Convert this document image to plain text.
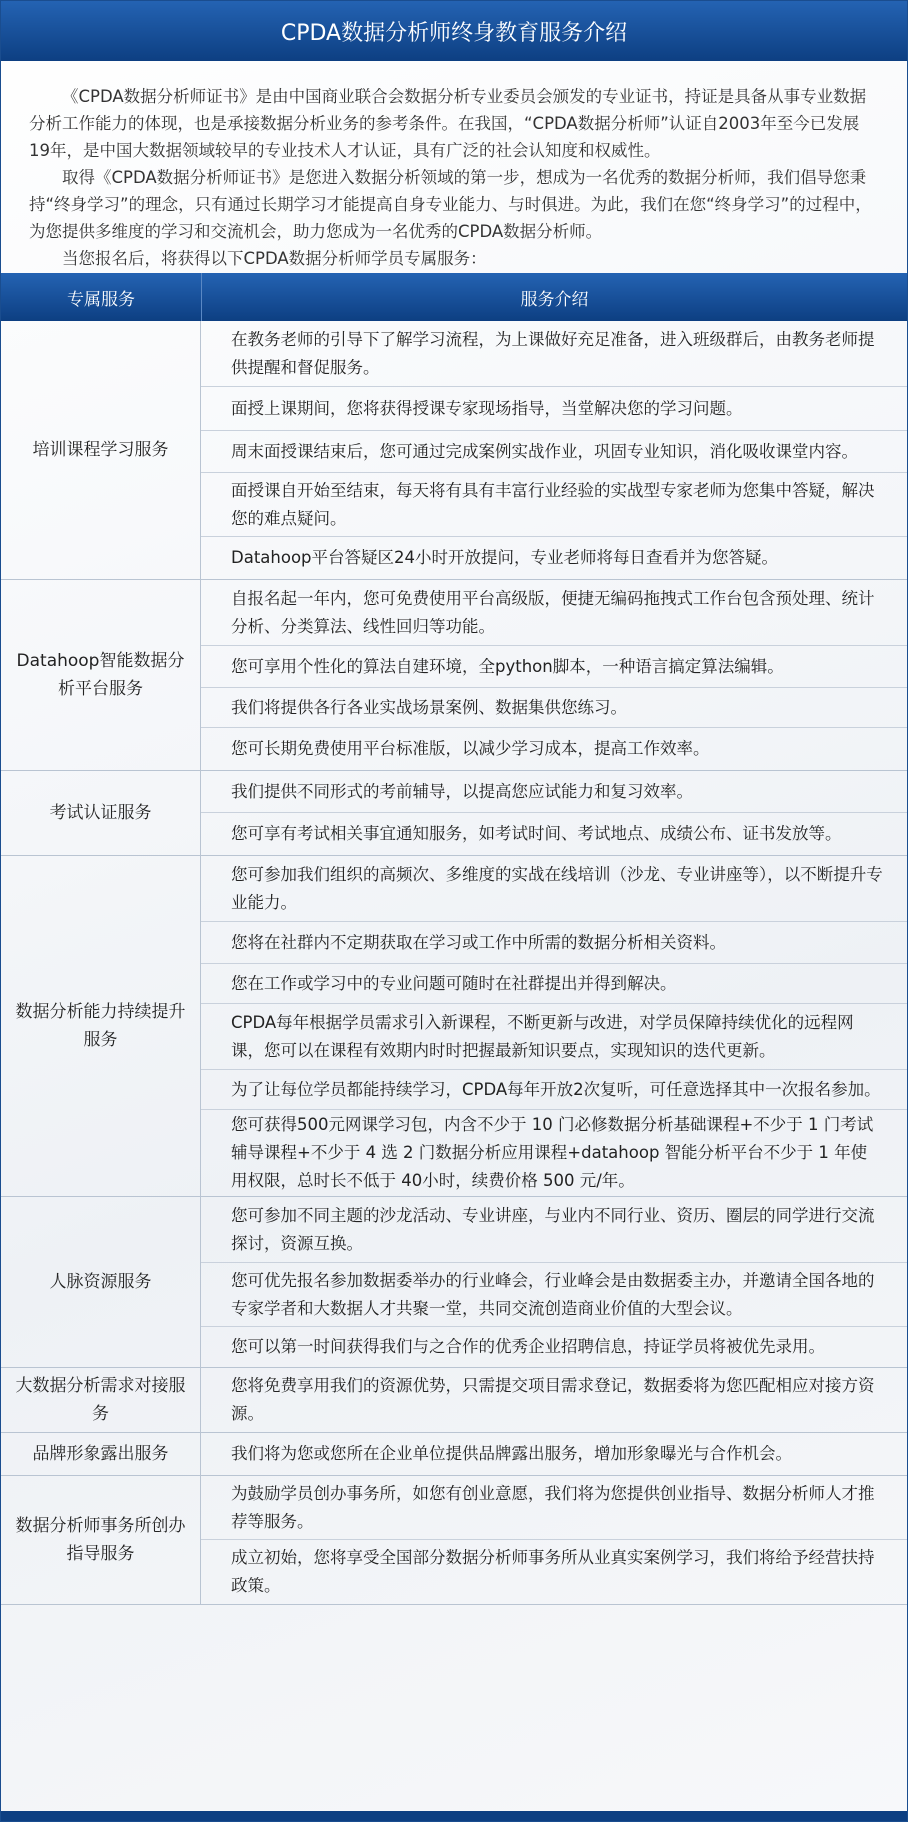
CPDA数据分析师终身教育服务介绍

《CPDA数据分析师证书》是由中国商业联合会数据分析专业委员会颁发的专业证书，持证是具备从事专业数据分析工作能力的体现，也是承接数据分析业务的参考条件。在我国，“CPDA数据分析师”认证自2003年至今已发展19年，是中国大数据领域较早的专业技术人才认证，具有广泛的社会认知度和权威性。

取得《CPDA数据分析师证书》是您进入数据分析领域的第一步，想成为一名优秀的数据分析师，我们倡导您秉持“终身学习”的理念，只有通过长期学习才能提高自身专业能力、与时俱进。为此，我们在您“终身学习”的过程中，为您提供多维度的学习和交流机会，助力您成为一名优秀的CPDA数据分析师。

当您报名后，将获得以下CPDA数据分析师学员专属服务：

专属服务	服务介绍
培训课程学习服务
在教务老师的引导下了解学习流程，为上课做好充足准备，进入班级群后，由教务老师提供提醒和督促服务。
面授上课期间，您将获得授课专家现场指导，当堂解决您的学习问题。
周末面授课结束后，您可通过完成案例实战作业，巩固专业知识，消化吸收课堂内容。
面授课自开始至结束，每天将有具有丰富行业经验的实战型专家老师为您集中答疑，解决您的难点疑问。
Datahoop平台答疑区24小时开放提问，专业老师将每日查看并为您答疑。
Datahoop智能数据分析平台服务
自报名起一年内，您可免费使用平台高级版，便捷无编码拖拽式工作台包含预处理、统计分析、分类算法、线性回归等功能。
您可享用个性化的算法自建环境，全python脚本，一种语言搞定算法编辑。
我们将提供各行各业实战场景案例、数据集供您练习。
您可长期免费使用平台标准版，以减少学习成本，提高工作效率。
考试认证服务
我们提供不同形式的考前辅导，以提高您应试能力和复习效率。
您可享有考试相关事宜通知服务，如考试时间、考试地点、成绩公布、证书发放等。
数据分析能力持续提升服务
您可参加我们组织的高频次、多维度的实战在线培训（沙龙、专业讲座等），以不断提升专业能力。
您将在社群内不定期获取在学习或工作中所需的数据分析相关资料。
您在工作或学习中的专业问题可随时在社群提出并得到解决。
CPDA每年根据学员需求引入新课程，不断更新与改进，对学员保障持续优化的远程网课，您可以在课程有效期内时时把握最新知识要点，实现知识的迭代更新。
为了让每位学员都能持续学习，CPDA每年开放2次复听，可任意选择其中一次报名参加。
您可获得500元网课学习包，内含不少于 10 门必修数据分析基础课程+不少于 1 门考试辅导课程+不少于 4 选 2 门数据分析应用课程+datahoop 智能分析平台不少于 1 年使用权限，总时长不低于 40小时，续费价格 500 元/年。
人脉资源服务
您可参加不同主题的沙龙活动、专业讲座，与业内不同行业、资历、圈层的同学进行交流探讨，资源互换。
您可优先报名参加数据委举办的行业峰会，行业峰会是由数据委主办，并邀请全国各地的专家学者和大数据人才共聚一堂，共同交流创造商业价值的大型会议。
您可以第一时间获得我们与之合作的优秀企业招聘信息，持证学员将被优先录用。
大数据分析需求对接服务
您将免费享用我们的资源优势，只需提交项目需求登记，数据委将为您匹配相应对接方资源。
品牌形象露出服务	我们将为您或您所在企业单位提供品牌露出服务，增加形象曝光与合作机会。
数据分析师事务所创办指导服务
为鼓励学员创办事务所，如您有创业意愿，我们将为您提供创业指导、数据分析师人才推荐等服务。
成立初始，您将享受全国部分数据分析师事务所从业真实案例学习，我们将给予经营扶持政策。
